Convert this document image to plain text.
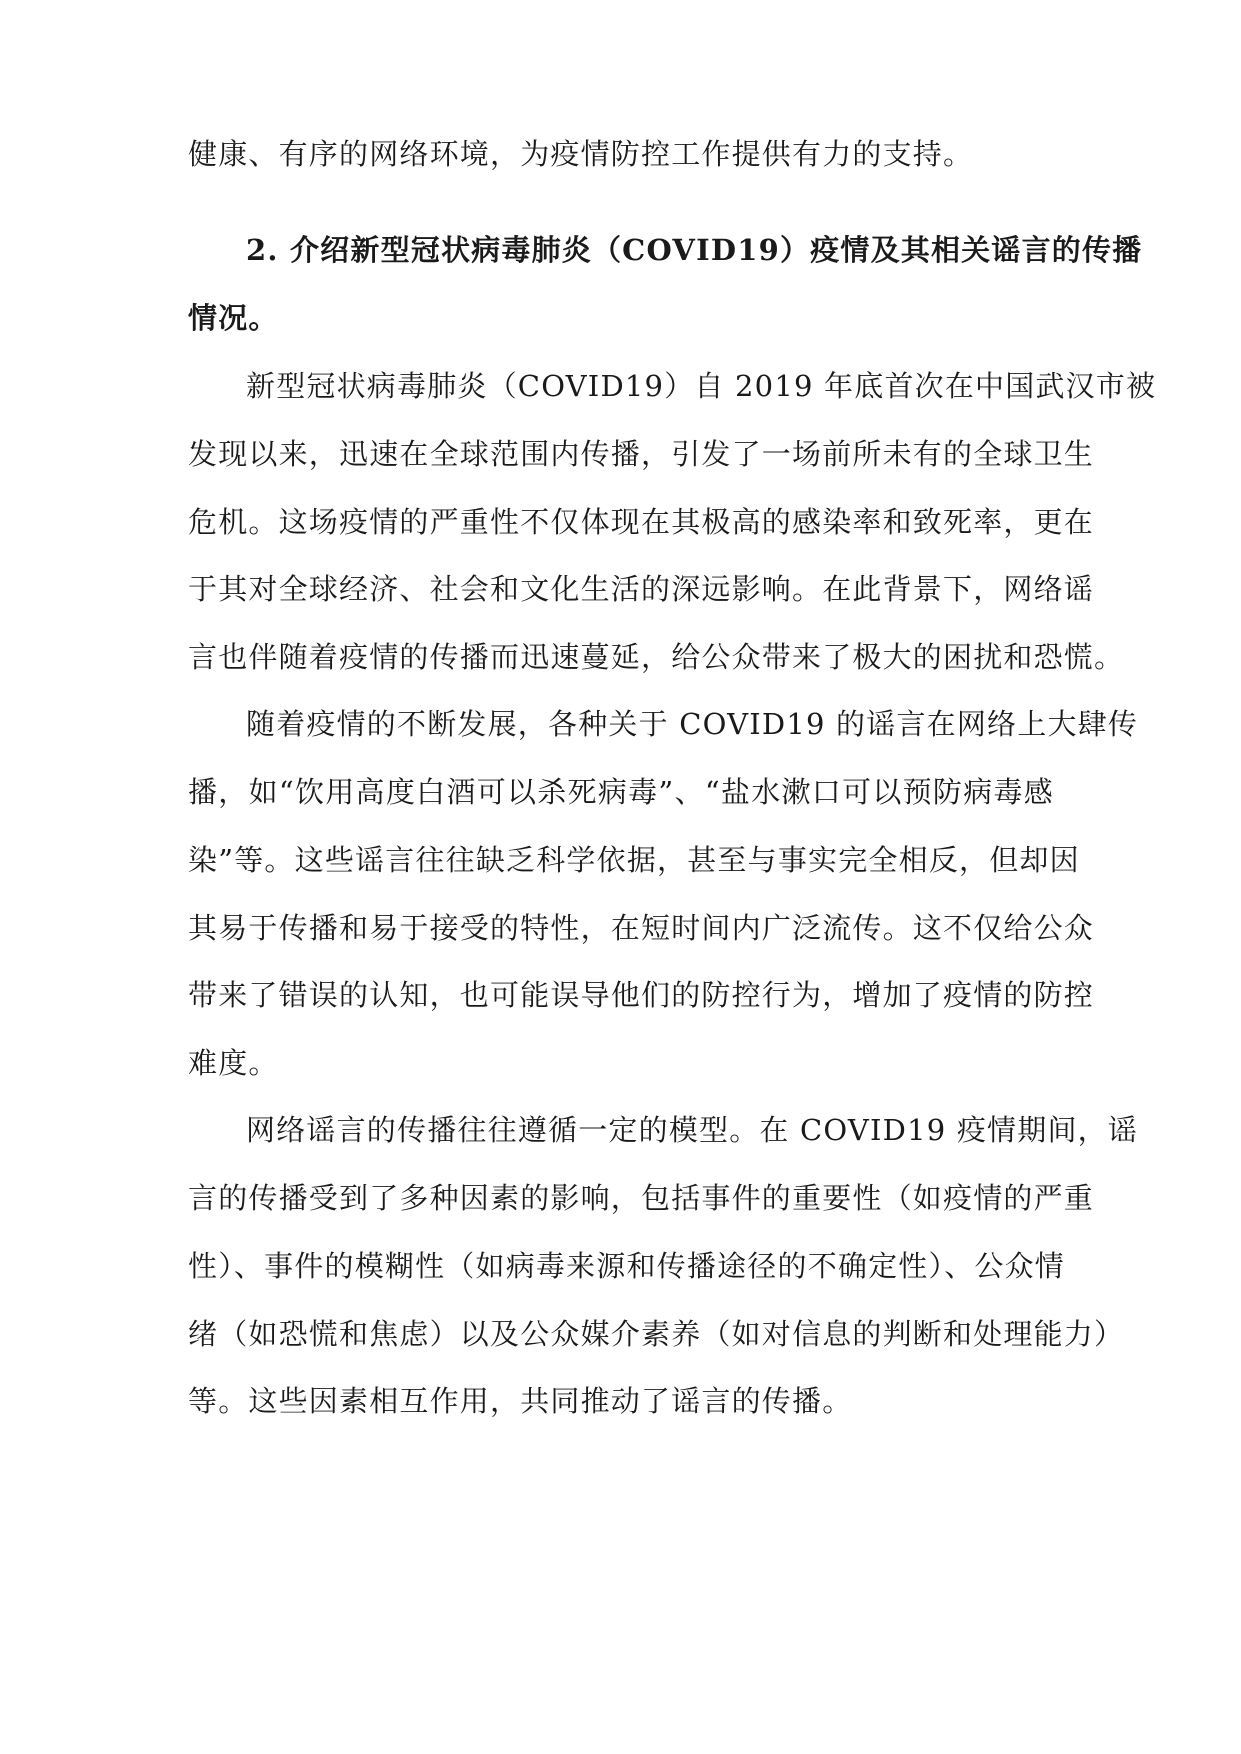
健康、有序的网络环境，为疫情防控工作提供有力的支持。
2. 介绍新型冠状病毒肺炎（COVID19）疫情及其相关谣言的传播
情况。
新型冠状病毒肺炎（COVID19）自 2019 年底首次在中国武汉市被
发现以来，迅速在全球范围内传播，引发了一场前所未有的全球卫生
危机。这场疫情的严重性不仅体现在其极高的感染率和致死率，更在
于其对全球经济、社会和文化生活的深远影响。在此背景下，网络谣
言也伴随着疫情的传播而迅速蔓延，给公众带来了极大的困扰和恐慌。
随着疫情的不断发展，各种关于 COVID19 的谣言在网络上大肆传
播，如“饮用高度白酒可以杀死病毒”、“盐水漱口可以预防病毒感
染”等。这些谣言往往缺乏科学依据，甚至与事实完全相反，但却因
其易于传播和易于接受的特性，在短时间内广泛流传。这不仅给公众
带来了错误的认知，也可能误导他们的防控行为，增加了疫情的防控
难度。
网络谣言的传播往往遵循一定的模型。在 COVID19 疫情期间，谣
言的传播受到了多种因素的影响，包括事件的重要性（如疫情的严重
性）、事件的模糊性（如病毒来源和传播途径的不确定性）、公众情
绪（如恐慌和焦虑）以及公众媒介素养（如对信息的判断和处理能力）
等。这些因素相互作用，共同推动了谣言的传播。
